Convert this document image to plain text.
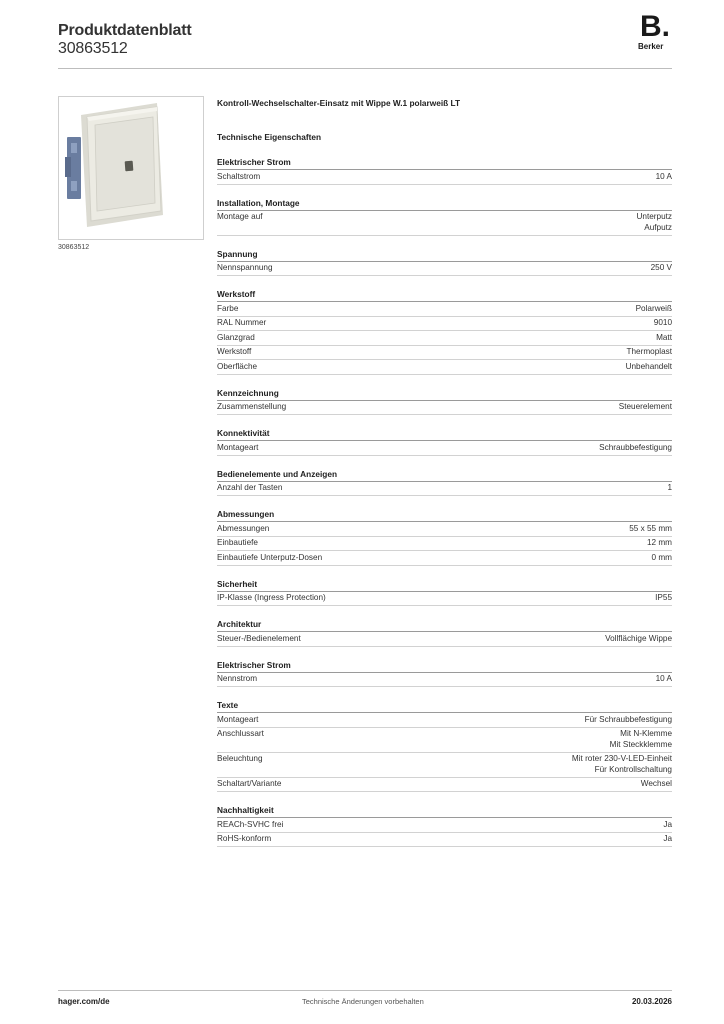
Produktdatenblatt
30863512
B.
Berker
30863512
Kontroll-Wechselschalter-Einsatz mit Wippe W.1 polarweiß LT
Technische Eigenschaften
Elektrischer Strom
Schaltstrom	10 A
Installation, Montage
Montage auf	Unterputz
Aufputz
Spannung
Nennspannung	250 V
Werkstoff
Farbe	Polarweiß
RAL Nummer	9010
Glanzgrad	Matt
Werkstoff	Thermoplast
Oberfläche	Unbehandelt
Kennzeichnung
Zusammenstellung	Steuerelement
Konnektivität
Montageart	Schraubbefestigung
Bedienelemente und Anzeigen
Anzahl der Tasten	1
Abmessungen
Abmessungen	55 x 55 mm
Einbautiefe	12 mm
Einbautiefe Unterputz-Dosen	0 mm
Sicherheit
IP-Klasse (Ingress Protection)	IP55
Architektur
Steuer-/Bedienelement	Vollflächige Wippe
Elektrischer Strom
Nennstrom	10 A
Texte
Montageart	Für Schraubbefestigung
Anschlussart	Mit N-Klemme
Mit Steckklemme
Beleuchtung	Mit roter 230-V-LED-Einheit
Für Kontrollschaltung
Schaltart/Variante	Wechsel
Nachhaltigkeit
REACh-SVHC frei	Ja
RoHS-konform	Ja
hager.com/de	Technische Änderungen vorbehalten	20.03.2026
